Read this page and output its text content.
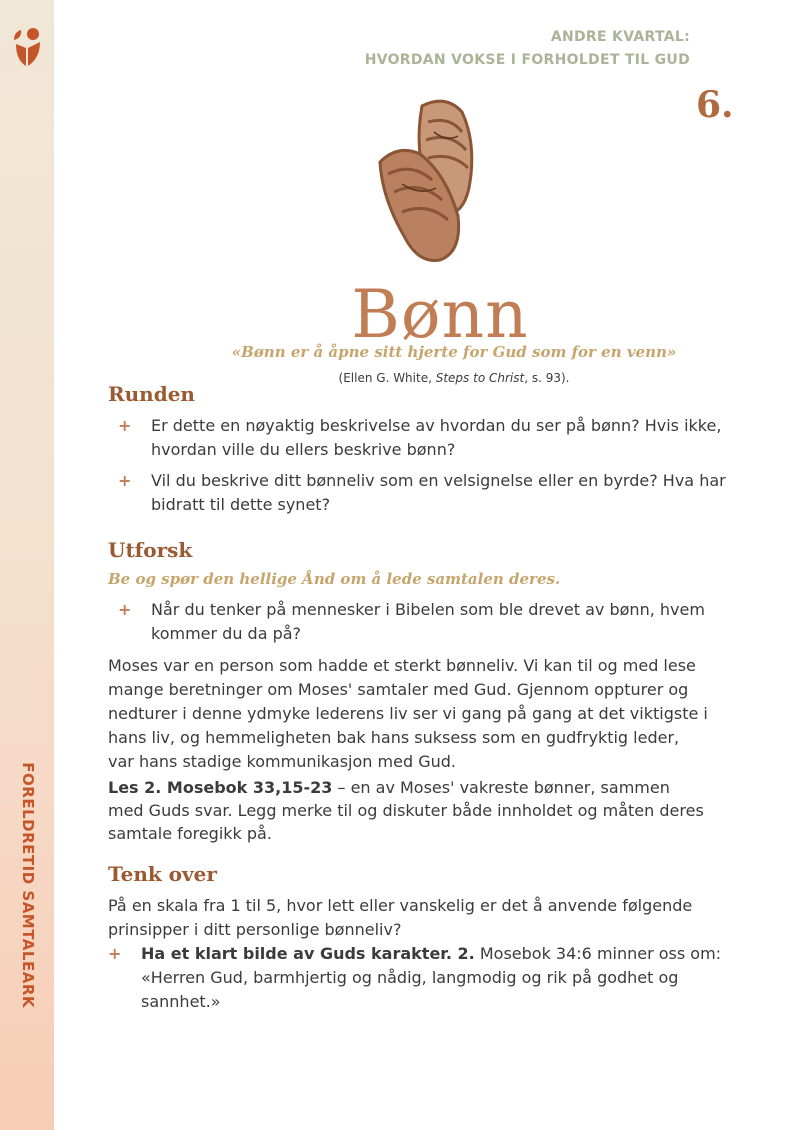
FORELDRETID SAMTALEARK
ANDRE KVARTAL:
HVORDAN VOKSE I FORHOLDET TIL GUD
6.
Bønn
«Bønn er å åpne sitt hjerte for Gud som for en venn»
(Ellen G. White, Steps to Christ, s. 93).
Runden
+ Er dette en nøyaktig beskrivelse av hvordan du ser på bønn? Hvis ikke, hvordan ville du ellers beskrive bønn?
+ Vil du beskrive ditt bønneliv som en velsignelse eller en byrde? Hva har bidratt til dette synet?
Utforsk
Be og spør den hellige Ånd om å lede samtalen deres.
+ Når du tenker på mennesker i Bibelen som ble drevet av bønn, hvem kommer du da på?
Moses var en person som hadde et sterkt bønneliv. Vi kan til og med lese mange beretninger om Moses' samtaler med Gud. Gjennom oppturer og nedturer i denne ydmyke lederens liv ser vi gang på gang at det viktigste i hans liv, og hemmeligheten bak hans suksess som en gudfryktig leder, var hans stadige kommunikasjon med Gud.
Les 2. Mosebok 33,15-23 – en av Moses' vakreste bønner, sammen med Guds svar. Legg merke til og diskuter både innholdet og måten deres samtale foregikk på.
Tenk over
På en skala fra 1 til 5, hvor lett eller vanskelig er det å anvende følgende prinsipper i ditt personlige bønneliv?
+ Ha et klart bilde av Guds karakter. 2. Mosebok 34:6 minner oss om: «Herren Gud, barmhjertig og nådig, langmodig og rik på godhet og sannhet.»
